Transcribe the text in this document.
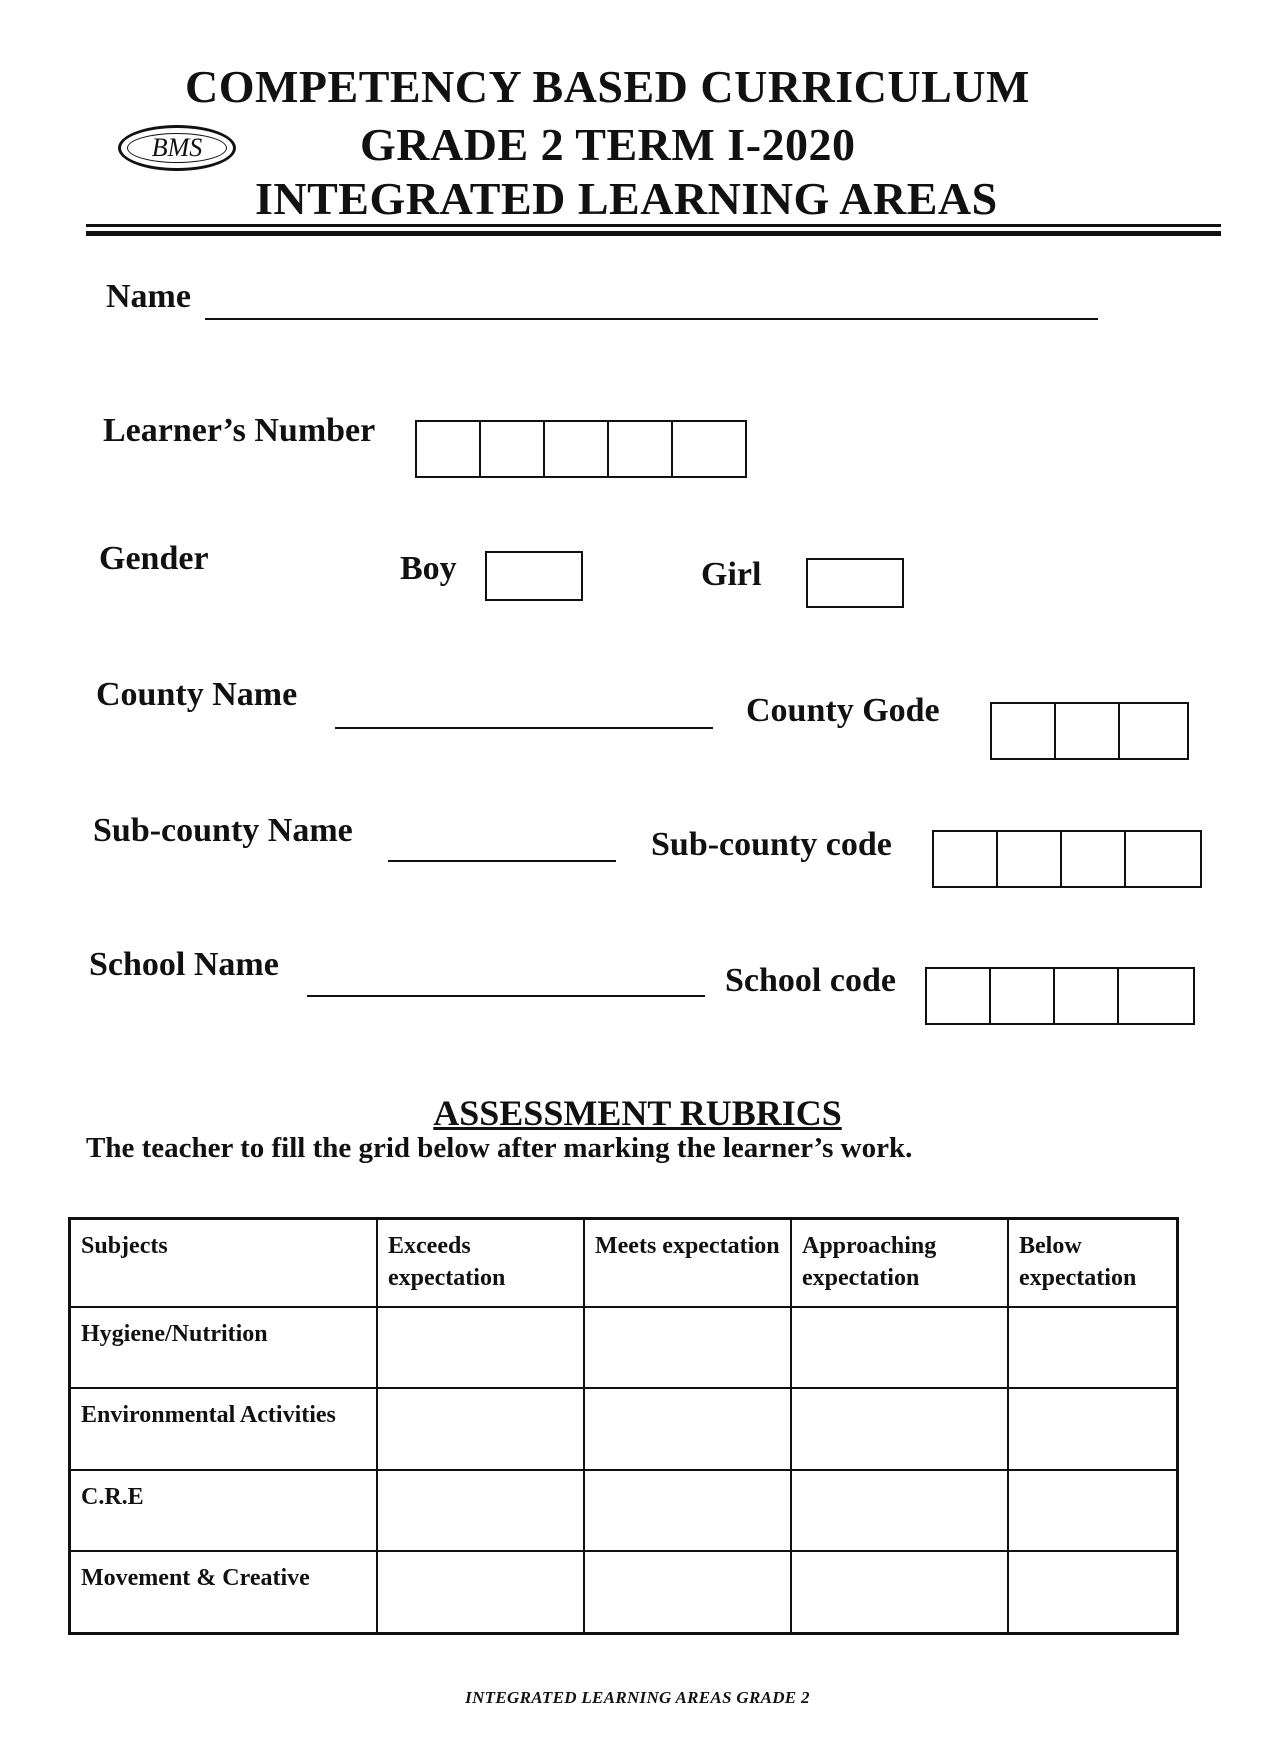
COMPETENCY BASED CURRICULUM
BMS	GRADE 2 TERM I-2020
INTEGRATED LEARNING AREAS
Name
Learner’s Number
Gender	Boy	Girl
County Name	County Gode
Sub-county Name	Sub-county code
School Name	School code
ASSESSMENT RUBRICS
The teacher to fill the grid below after marking the learner’s work.
Subjects	Exceeds expectation	Meets expectation	Approaching expectation	Below expectation
Hygiene/Nutrition				
Environmental Activities				
C.R.E				
Movement & Creative				
INTEGRATED LEARNING AREAS GRADE 2
